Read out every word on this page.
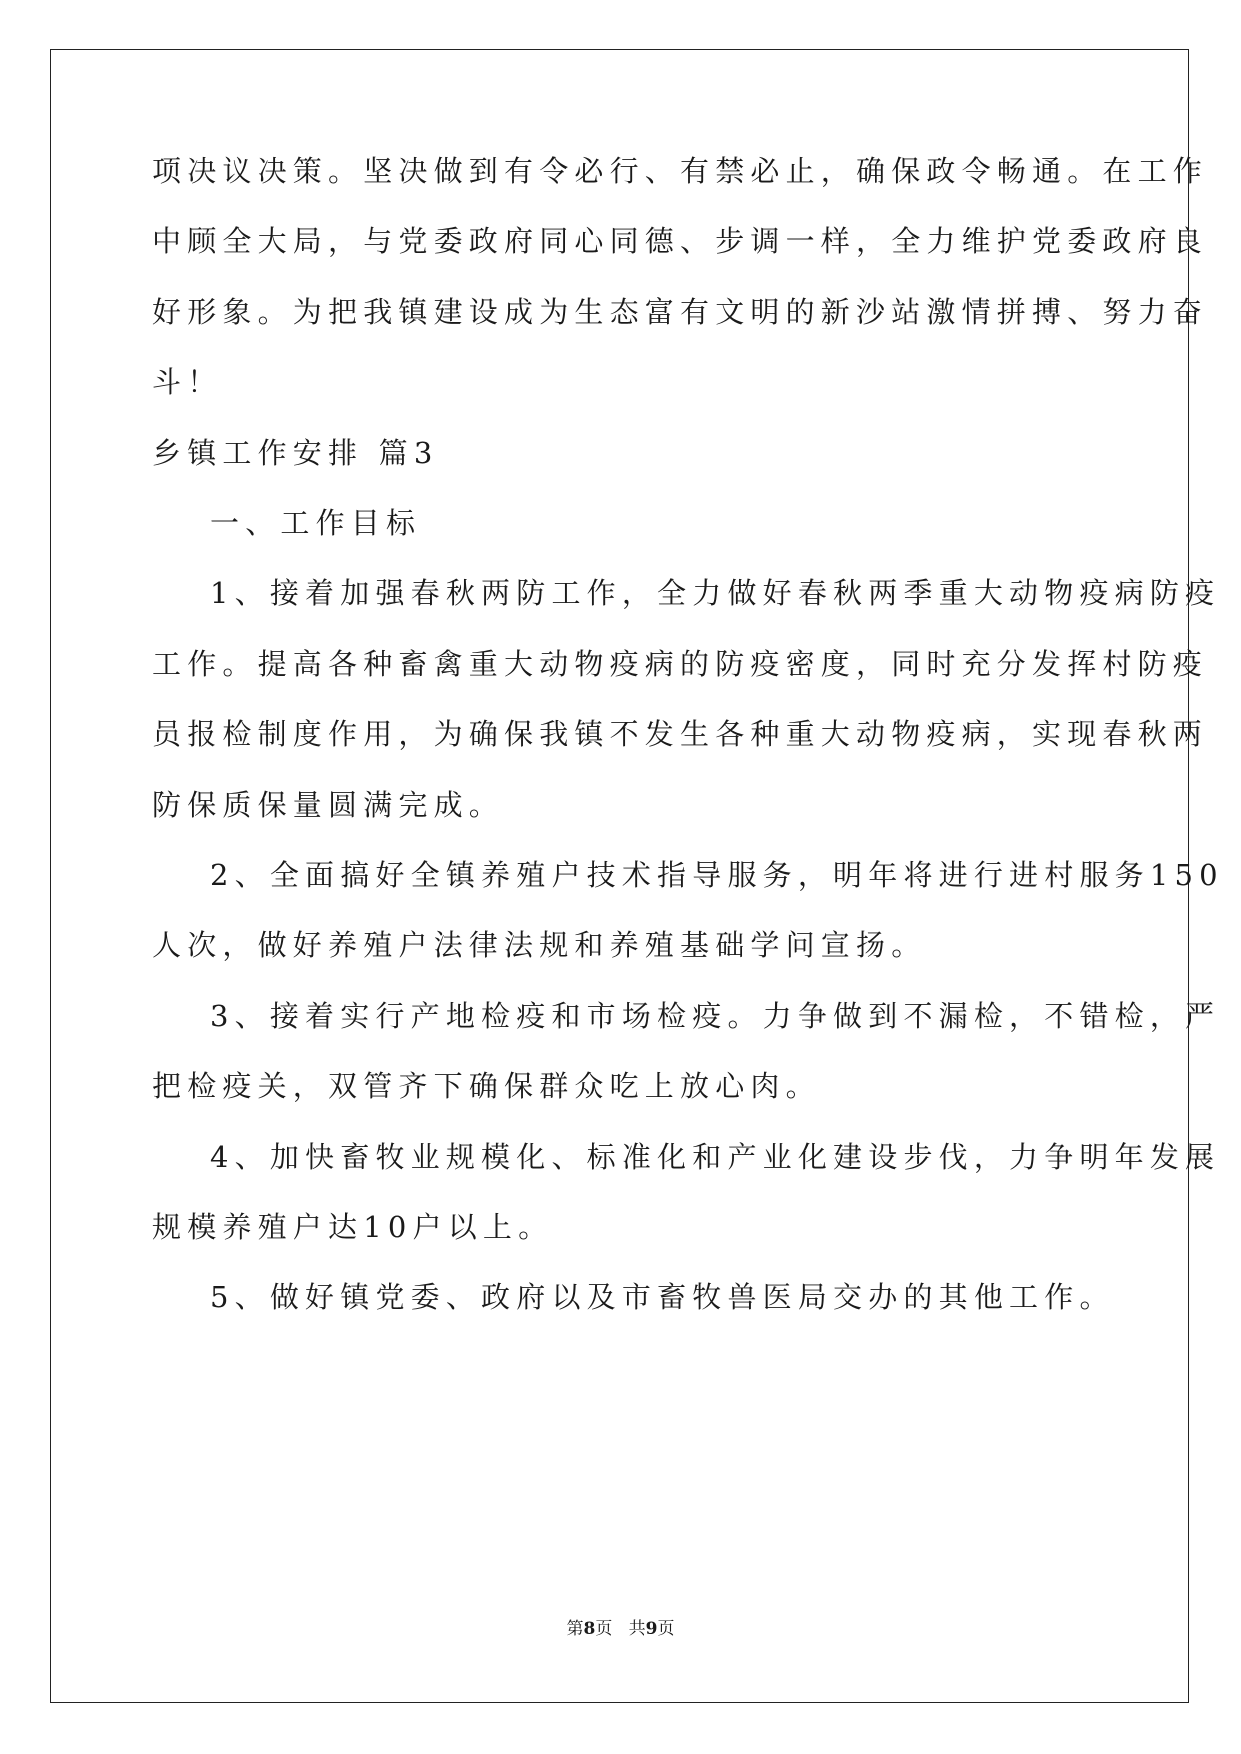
项决议决策。坚决做到有令必行、有禁必止，确保政令畅通。在工作
中顾全大局，与党委政府同心同德、步调一样，全力维护党委政府良
好形象。为把我镇建设成为生态富有文明的新沙站激情拼搏、努力奋
斗！
乡镇工作安排 篇3
一、工作目标
1、接着加强春秋两防工作，全力做好春秋两季重大动物疫病防疫
工作。提高各种畜禽重大动物疫病的防疫密度，同时充分发挥村防疫
员报检制度作用，为确保我镇不发生各种重大动物疫病，实现春秋两
防保质保量圆满完成。
2、全面搞好全镇养殖户技术指导服务，明年将进行进村服务150
人次，做好养殖户法律法规和养殖基础学问宣扬。
3、接着实行产地检疫和市场检疫。力争做到不漏检，不错检，严
把检疫关，双管齐下确保群众吃上放心肉。
4、加快畜牧业规模化、标准化和产业化建设步伐，力争明年发展
规模养殖户达10户以上。
5、做好镇党委、政府以及市畜牧兽医局交办的其他工作。
第8页   共9页
